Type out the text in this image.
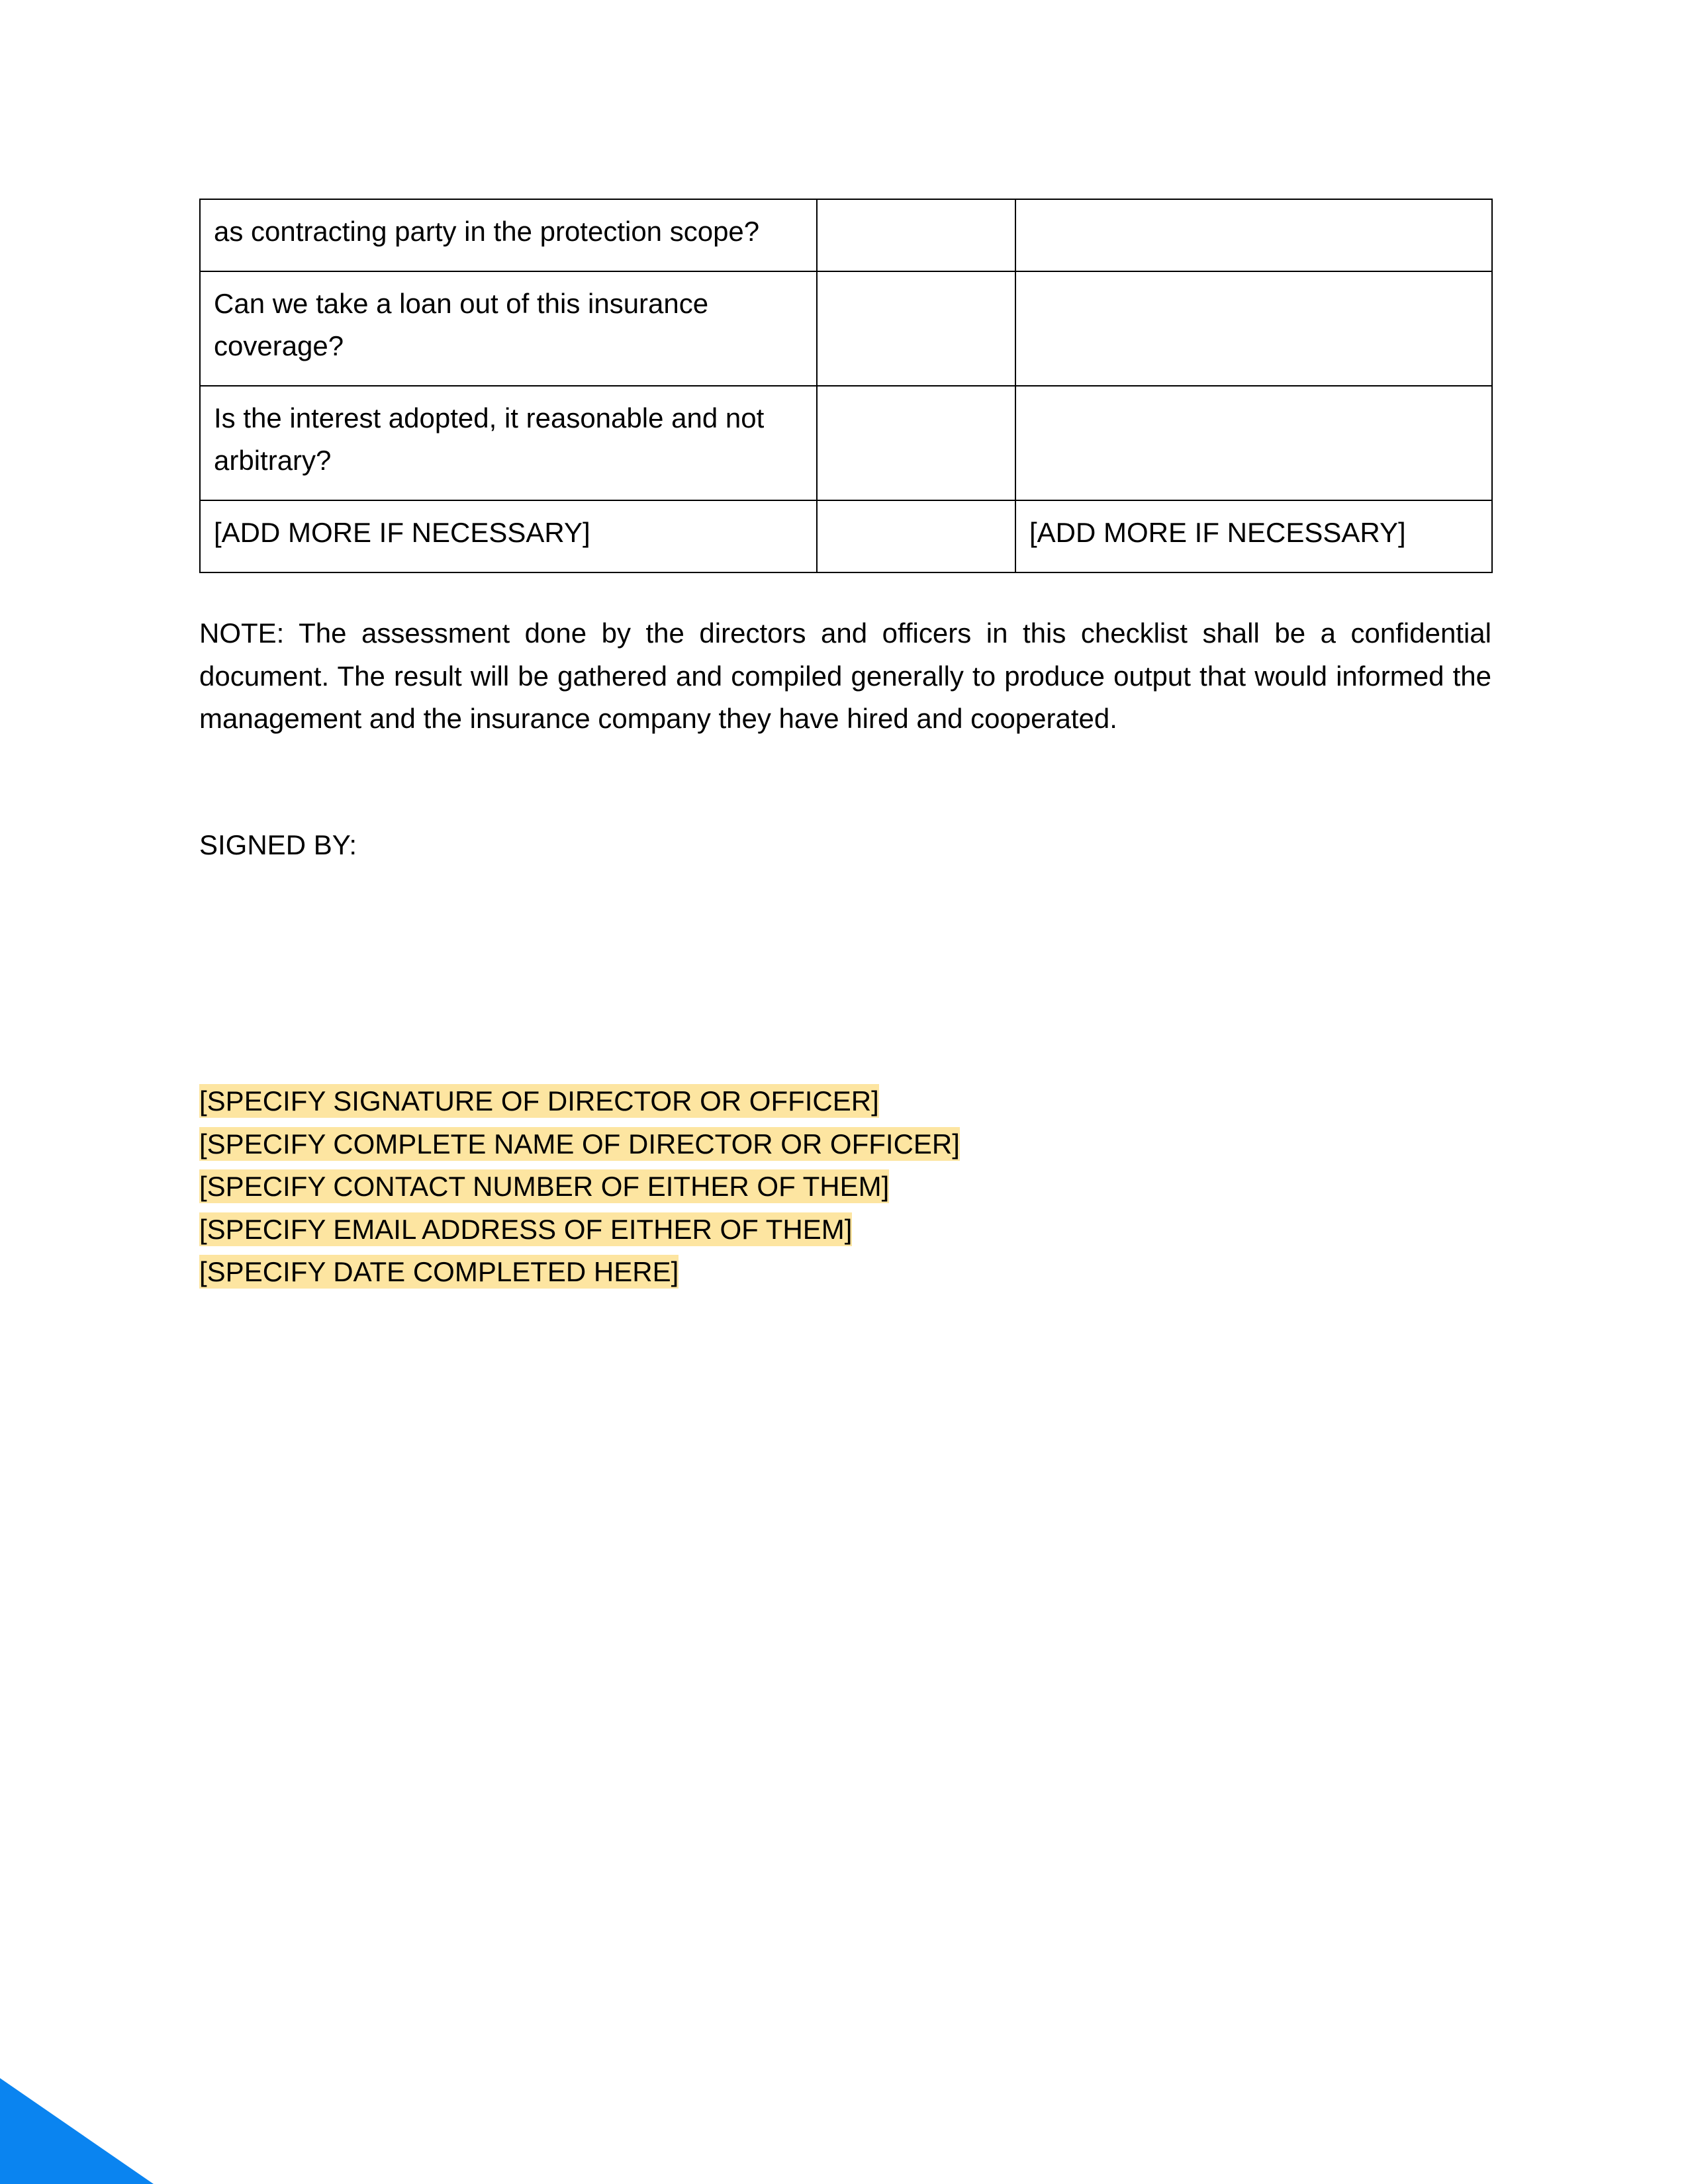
as contracting party in the protection scope?		
Can we take a loan out of this insurance coverage?		
Is the interest adopted, it reasonable and not arbitrary?		
[ADD MORE IF NECESSARY]		[ADD MORE IF NECESSARY]

NOTE: The assessment done by the directors and officers in this checklist shall be a confidential document. The result will be gathered and compiled generally to produce output that would informed the management and the insurance company they have hired and cooperated.

SIGNED BY:

[SPECIFY SIGNATURE OF DIRECTOR OR OFFICER]
[SPECIFY COMPLETE NAME OF DIRECTOR OR OFFICER]
[SPECIFY CONTACT NUMBER OF EITHER OF THEM]
[SPECIFY EMAIL ADDRESS OF EITHER OF THEM]
[SPECIFY DATE COMPLETED HERE]
